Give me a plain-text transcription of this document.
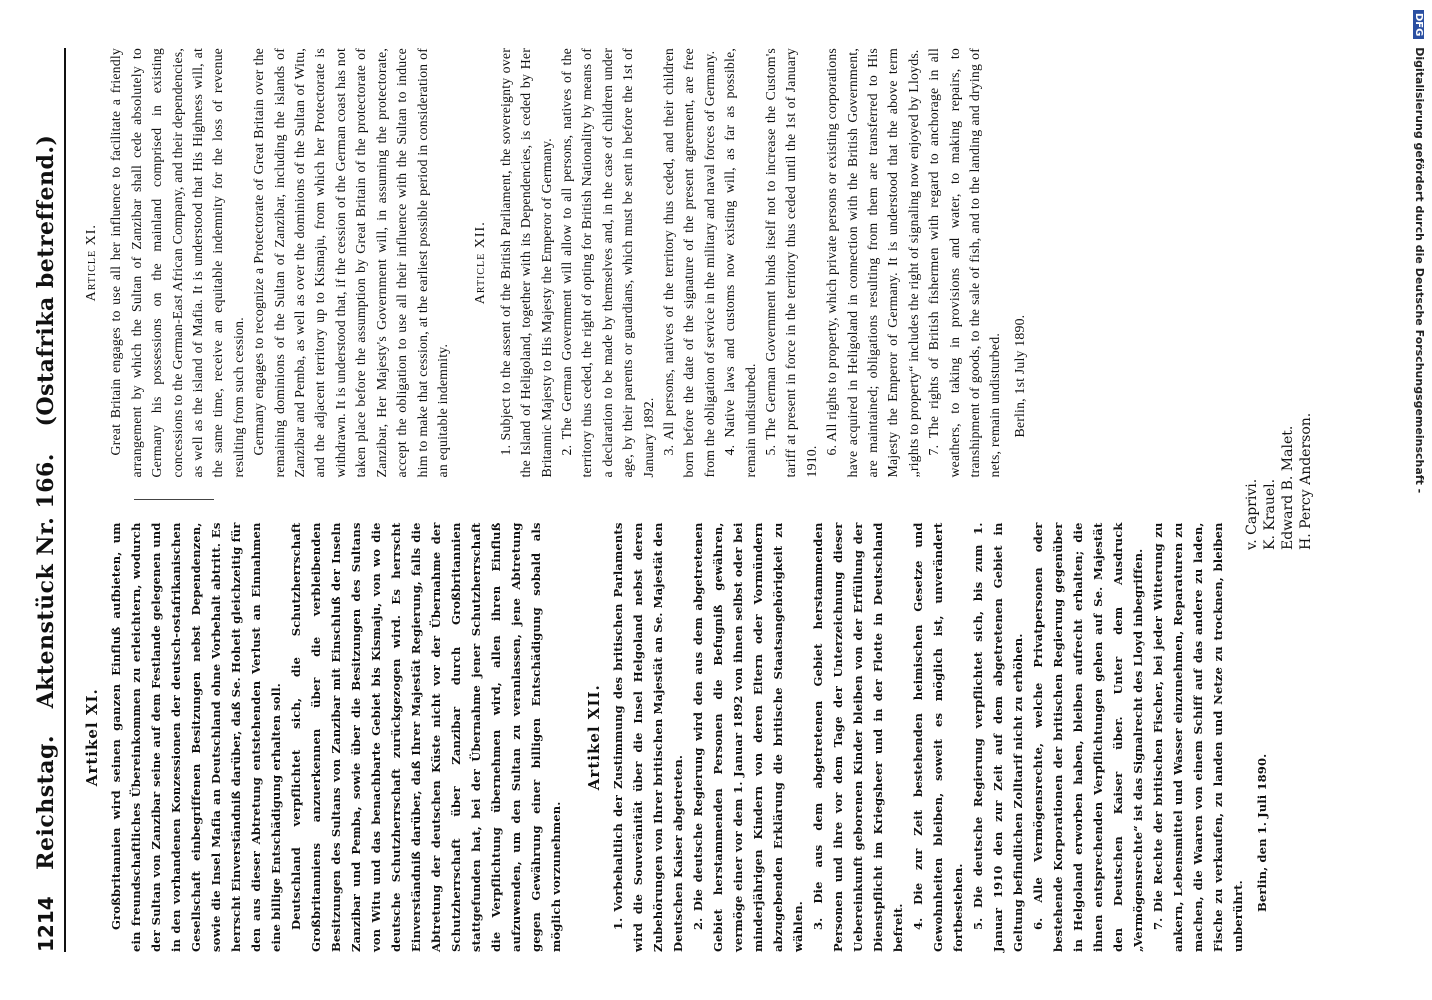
1214
Reichstag.
Aktenstück Nr. 166.
(Ostafrika betreffend.)
Artikel XI. Großbritannien wird seinen ganzen Einfluß aufbieten, um ein freundschaftliches Übereinkommen zu erleichtern, wodurch der Sultan von Zanzibar seine auf dem Festlande gelegenen und in den vorhandenen Konzessionen der deutsch-ostafrikanischen Gesellschaft einbegriffenen Besitzungen nebst Dependenzen, sowie die Insel Mafia an Deutschland ohne Vorbehalt abtritt. Es herrscht Einverständniß darüber, daß Se. Hoheit gleichzeitig für den aus dieser Abtretung entstehenden Verlust an Einnahmen eine billige Entschädigung erhalten soll. Deutschland verpflichtet sich, die Schutzherrschaft Großbritanniens anzuerkennen über die verbleibenden Besitzungen des Sultans von Zanzibar mit Einschluß der Inseln Zanzibar und Pemba, sowie über die Besitzungen des Sultans von Witu und das benachbarte Gebiet bis Kismaju, von wo die deutsche Schutzherrschaft zurückgezogen wird. Es herrscht Einverständniß darüber, daß Ihrer Majestät Regierung, falls die Abtretung der deutschen Küste nicht vor der Übernahme der Schutzherrschaft über Zanzibar durch Großbritannien stattgefunden hat, bei der Übernahme jener Schutzherrschaft die Verpflichtung übernehmen wird, allen ihren Einfluß aufzuwenden, um den Sultan zu veranlassen, jene Abtretung gegen Gewährung einer billigen Entschädigung sobald als möglich vorzunehmen.

Artikel XII. 1. Vorbehaltlich der Zustimmung des britischen Parlaments wird die Souveränität über die Insel Helgoland nebst deren Zubehörungen von Ihrer britischen Majestät an Se. Majestät den Deutschen Kaiser abgetreten. 2. Die deutsche Regierung wird den aus dem abgetretenen Gebiet herstammenden Personen die Befugniß gewähren, vermöge einer vor dem 1. Januar 1892 von ihnen selbst oder bei minderjährigen Kindern von deren Eltern oder Vormündern abzugebenden Erklärung die britische Staatsangehörigkeit zu wählen. 3. Die aus dem abgetretenen Gebiet herstammenden Personen und ihre vor dem Tage der Unterzeichnung dieser Uebereinkunft geborenen Kinder bleiben von der Erfüllung der Dienstpflicht im Kriegsheer und in der Flotte in Deutschland befreit. 4. Die zur Zeit bestehenden heimischen Gesetze und Gewohnheiten bleiben, soweit es möglich ist, unverändert fortbestehen. 5. Die deutsche Regierung verpflichtet sich, bis zum 1. Januar 1910 den zur Zeit auf dem abgetretenen Gebiet in Geltung befindlichen Zolltarif nicht zu erhöhen. 6. Alle Vermögensrechte, welche Privatpersonen oder bestehende Korporationen der britischen Regierung gegenüber in Helgoland erworben haben, bleiben aufrecht erhalten; die ihnen entsprechenden Verpflichtungen gehen auf Se. Majestät den Deutschen Kaiser über. Unter dem Ausdruck „Vermögensrechte“ ist das Signalrecht des Lloyd inbegriffen. 7. Die Rechte der britischen Fischer, bei jeder Witterung zu ankern, Lebensmittel und Wasser einzunehmen, Reparaturen zu machen, die Waaren von einem Schiff auf das andere zu laden, Fische zu verkaufen, zu landen und Netze zu trocknen, bleiben unberührt.

Berlin, den 1. Juli 1890.

Article XI. Great Britain engages to use all her influence to facilitate a friendly arrangement by which the Sultan of Zanzibar shall cede absolutely to Germany his possessions on the mainland comprised in existing concessions to the German-East African Company, and their dependencies, as well as the island of Mafia. It is understood that His Highness will, at the same time, receive an equitable indemnity for the loss of revenue resulting from such cession. Germany engages to recognize a Protectorate of Great Britain over the remaining dominions of the Sultan of Zanzibar, including the islands of Zanzibar and Pemba, as well as over the dominions of the Sultan of Witu, and the adjacent territory up to Kismaju, from which her Protectorate is withdrawn. It is understood that, if the cession of the German coast has not taken place before the assumption by Great Britain of the protectorate of Zanzibar, Her Majesty's Government will, in assuming the protectorate, accept the obligation to use all their influence with the Sultan to induce him to make that cession, at the earliest possible period in consideration of an equitable indemnity.

Article XII. 1. Subject to the assent of the British Parliament, the sovereignty over the Island of Heligoland, together with its Dependencies, is ceded by Her Britannic Majesty to His Majesty the Emperor of Germany. 2. The German Government will allow to all persons, natives of the territory thus ceded, the right of opting for British Nationality by means of a declaration to be made by themselves and, in the case of children under age, by their parents or guardians, which must be sent in before the 1st of January 1892. 3. All persons, natives of the territory thus ceded, and their children born before the date of the signature of the present agreement, are free from the obligation of service in the military and naval forces of Germany. 4. Native laws and customs now existing will, as far as possible, remain undisturbed. 5. The German Government binds itself not to increase the Custom's tariff at present in force in the territory thus ceded until the 1st of January 1910.

6. All rights to property, which private persons or existing corporations have acquired in Heligoland in connection with the British Government, are maintained; obligations resulting from them are transferred to His Majesty the Emperor of Germany. It is understood that the above term „rights to property“ includes the right of signaling now enjoyed by Lloyds. 7. The rights of British fishermen with regard to anchorage in all weathers, to taking in provisions and water, to making repairs, to transhipment of goods, to the sale of fish, and to the landing and drying of nets, remain undisturbed. Berlin, 1st July 1890.

v. Caprivi. K. Krauel. Edward B. Malet. H. Percy Anderson.
DFG Digitalisierung gefördert durch die Deutsche Forschungsgemeinschaft -
